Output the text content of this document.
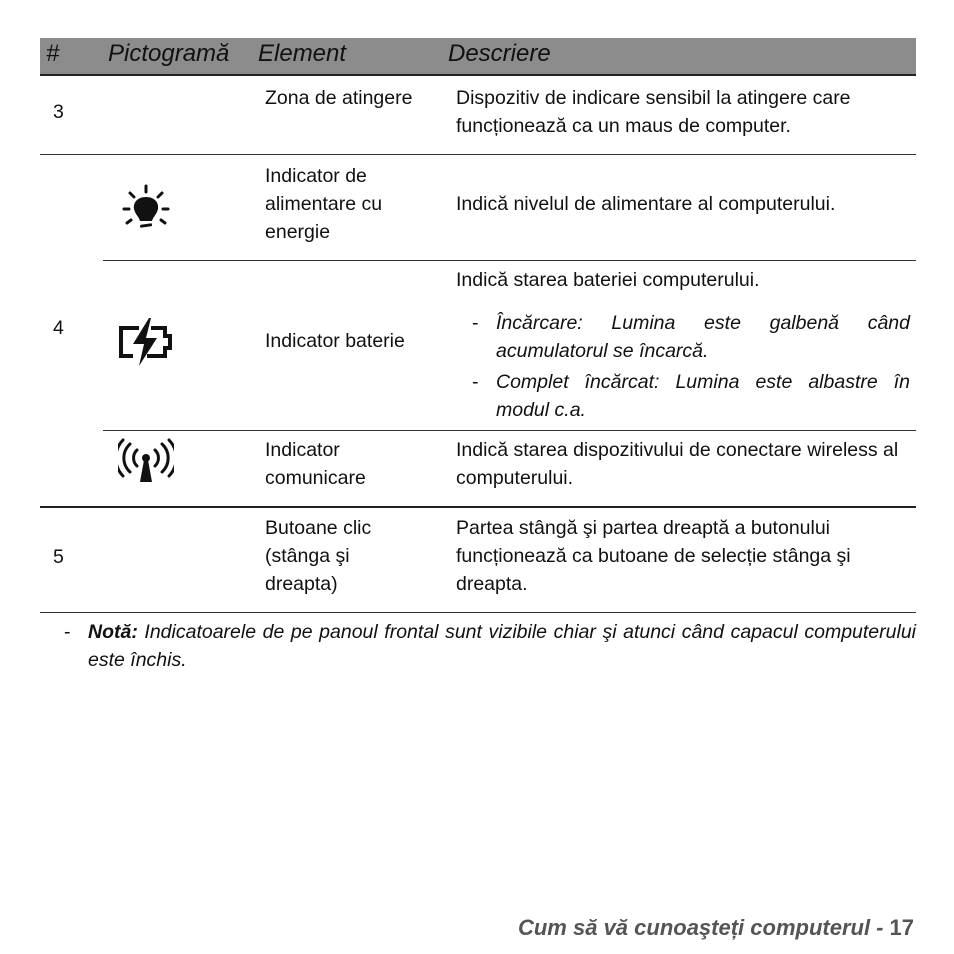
# Pictogramă Element	Descriere
3
Zona de atingere	Dispozitiv de indicare sensibil la atingere care funcționează ca un maus de computer.
4
Indicator de alimentare cu energie
Indică nivelul de alimentare al computerului.
Indicator baterie
Indică starea bateriei computerului.
- Încărcare: Lumina este galbenă când acumulatorul se încarcă.
- Complet încărcat: Lumina este albastre în modul c.a.
Indicator comunicare
Indică starea dispozitivului de conectare wireless al computerului.
5
Butoane clic (stânga şi dreapta)
Partea stângă şi partea dreaptă a butonului funcționează ca butoane de selecție stânga şi dreapta.
- Notă: Indicatoarele de pe panoul frontal sunt vizibile chiar şi atunci când capacul computerului este închis.
Cum să vă cunoaşteți computerul - 17
